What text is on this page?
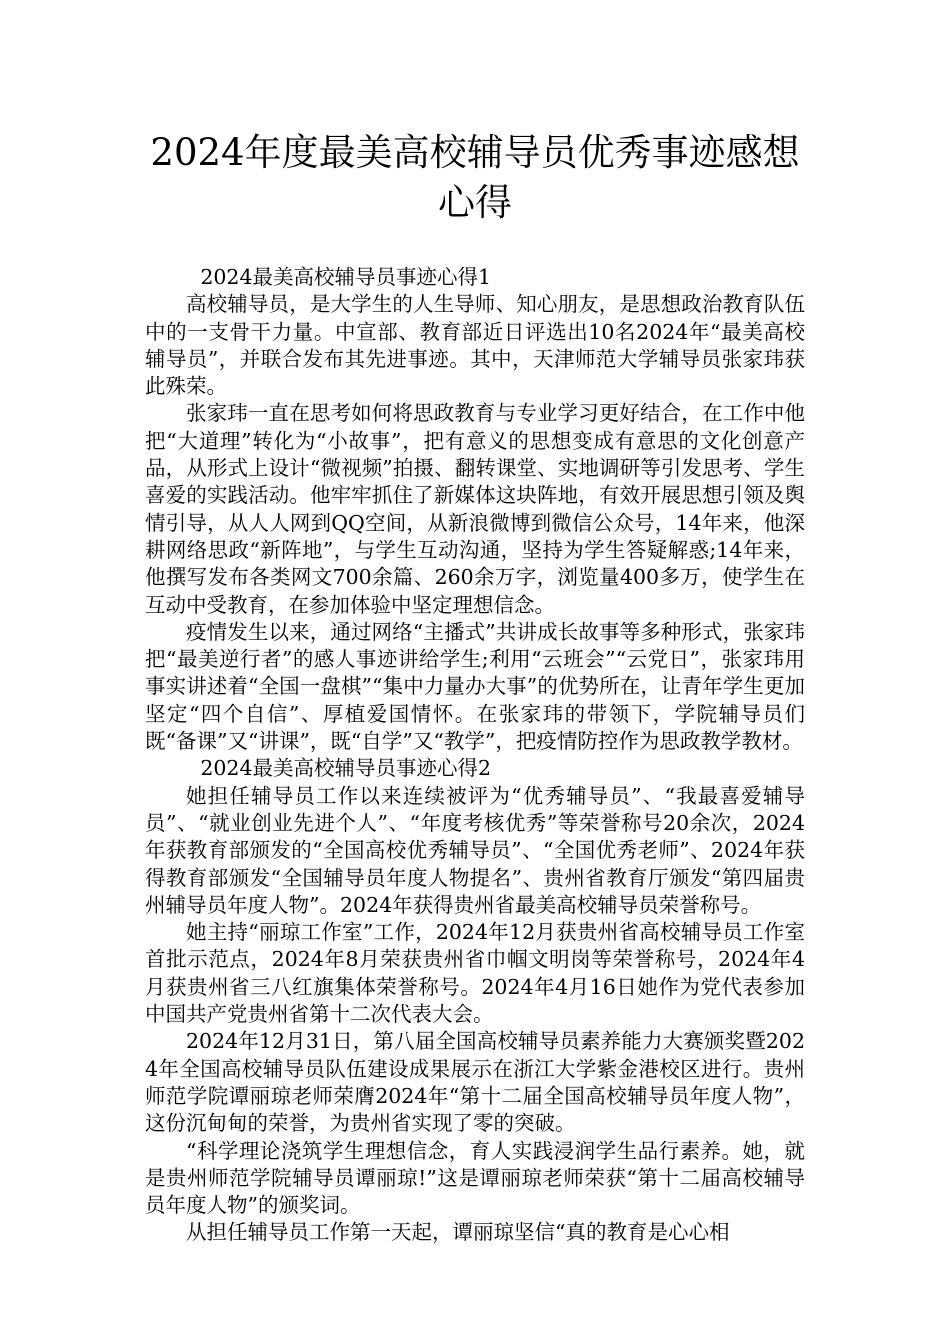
2024年度最美高校辅导员优秀事迹感想心得

2024最美高校辅导员事迹心得1

高校辅导员，是大学生的人生导师、知心朋友，是思想政治教育队伍中的一支骨干力量。中宣部、教育部近日评选出10名2024年“最美高校辅导员”，并联合发布其先进事迹。其中，天津师范大学辅导员张家玮获此殊荣。

张家玮一直在思考如何将思政教育与专业学习更好结合，在工作中他把“大道理”转化为“小故事”，把有意义的思想变成有意思的文化创意产品，从形式上设计“微视频”拍摄、翻转课堂、实地调研等引发思考、学生喜爱的实践活动。他牢牢抓住了新媒体这块阵地，有效开展思想引领及舆情引导，从人人网到QQ空间，从新浪微博到微信公众号，14年来，他深耕网络思政“新阵地”，与学生互动沟通，坚持为学生答疑解惑;14年来，他撰写发布各类网文700余篇、260余万字，浏览量400多万，使学生在互动中受教育，在参加体验中坚定理想信念。

疫情发生以来，通过网络“主播式”共讲成长故事等多种形式，张家玮把“最美逆行者”的感人事迹讲给学生;利用“云班会”“云党日”，张家玮用事实讲述着“全国一盘棋”“集中力量办大事”的优势所在，让青年学生更加坚定“四个自信”、厚植爱国情怀。在张家玮的带领下，学院辅导员们既“备课”又“讲课”，既“自学”又“教学”，把疫情防控作为思政教学教材。

2024最美高校辅导员事迹心得2

她担任辅导员工作以来连续被评为“优秀辅导员”、“我最喜爱辅导员”、“就业创业先进个人”、“年度考核优秀”等荣誉称号20余次，2024年获教育部颁发的“全国高校优秀辅导员”、“全国优秀老师”、2024年获得教育部颁发“全国辅导员年度人物提名”、贵州省教育厅颁发“第四届贵州辅导员年度人物”。2024年获得贵州省最美高校辅导员荣誉称号。

她主持“丽琼工作室”工作，2024年12月获贵州省高校辅导员工作室首批示范点，2024年8月荣获贵州省巾帼文明岗等荣誉称号，2024年4月获贵州省三八红旗集体荣誉称号。2024年4月16日她作为党代表参加中国共产党贵州省第十二次代表大会。

2024年12月31日，第八届全国高校辅导员素养能力大赛颁奖暨2024年全国高校辅导员队伍建设成果展示在浙江大学紫金港校区进行。贵州师范学院谭丽琼老师荣膺2024年“第十二届全国高校辅导员年度人物”，这份沉甸甸的荣誉，为贵州省实现了零的突破。

“科学理论浇筑学生理想信念，育人实践浸润学生品行素养。她，就是贵州师范学院辅导员谭丽琼!”这是谭丽琼老师荣获“第十二届高校辅导员年度人物”的颁奖词。

从担任辅导员工作第一天起，谭丽琼坚信“真的教育是心心相
